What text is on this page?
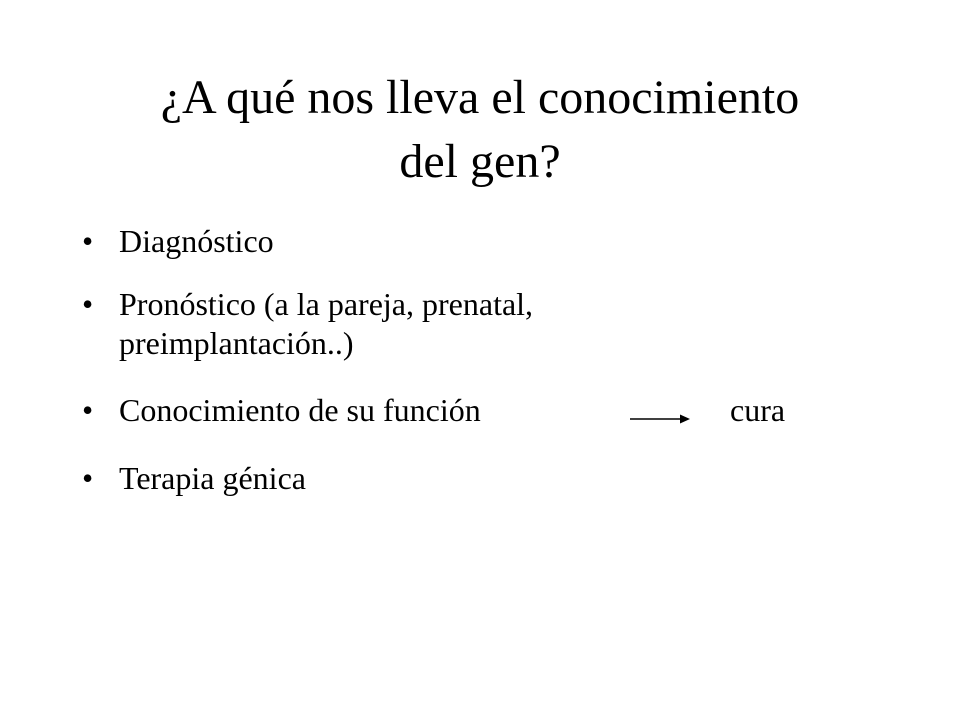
¿A qué nos lleva el conocimiento
del gen?
• Diagnóstico
• Pronóstico (a la pareja, prenatal, preimplantación..)
• Conocimiento de su función
• Terapia génica
cura
